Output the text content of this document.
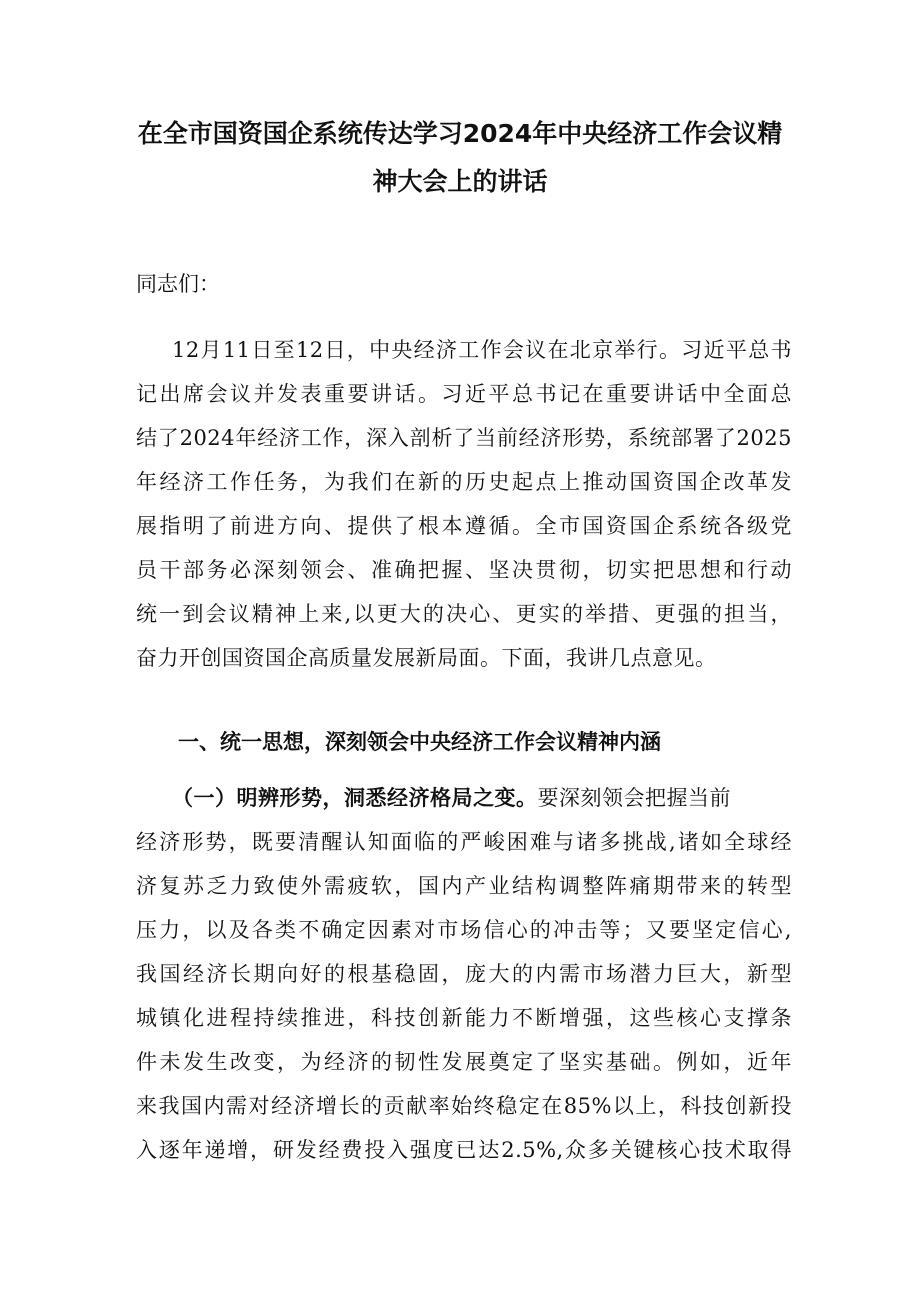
在全市国资国企系统传达学习2024年中央经济工作会议精
神大会上的讲话
同志们：
12月11日至12日，中央经济工作会议在北京举行。习近平总书
记出席会议并发表重要讲话。习近平总书记在重要讲话中全面总
结了2024年经济工作，深入剖析了当前经济形势，系统部署了2025
年经济工作任务，为我们在新的历史起点上推动国资国企改革发
展指明了前进方向、提供了根本遵循。全市国资国企系统各级党
员干部务必深刻领会、准确把握、坚决贯彻，切实把思想和行动
统一到会议精神上来,以更大的决心、更实的举措、更强的担当，
奋力开创国资国企高质量发展新局面。下面，我讲几点意见。
一、统一思想，深刻领会中央经济工作会议精神内涵
（一）明辨形势，洞悉经济格局之变。要深刻领会把握当前
经济形势，既要清醒认知面临的严峻困难与诸多挑战,诸如全球经
济复苏乏力致使外需疲软，国内产业结构调整阵痛期带来的转型
压力，以及各类不确定因素对市场信心的冲击等；又要坚定信心,
我国经济长期向好的根基稳固，庞大的内需市场潜力巨大，新型
城镇化进程持续推进，科技创新能力不断增强，这些核心支撑条
件未发生改变，为经济的韧性发展奠定了坚实基础。例如，近年
来我国内需对经济增长的贡献率始终稳定在85%以上，科技创新投
入逐年递增，研发经费投入强度已达2.5%,众多关键核心技术取得
